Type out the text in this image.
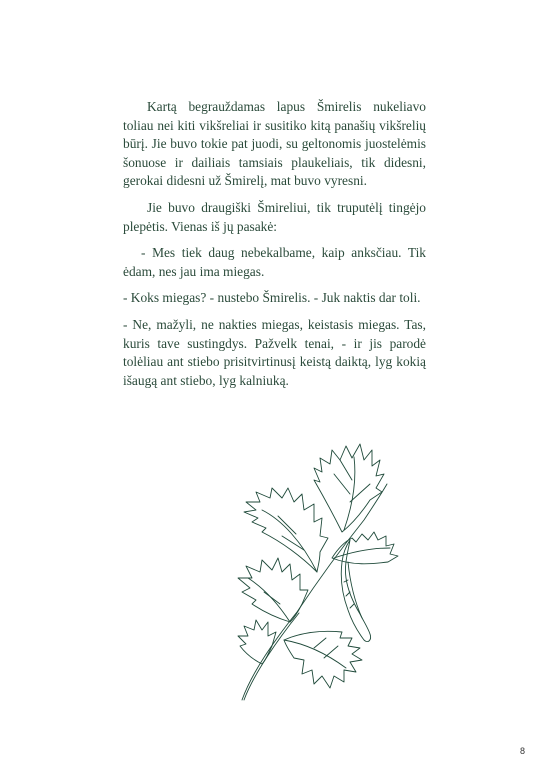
Kartą begrauždamas lapus Šmirelis nukeliavo toliau nei kiti vikšreliai ir susitiko kitą panašių vikšrelių būrį. Jie buvo tokie pat juodi, su geltonomis juostelėmis šonuose ir dailiais tamsiais plaukeliais, tik didesni, gerokai didesni už Šmirelį, mat buvo vyresni.

Jie buvo draugiški Šmireliui, tik truputėlį tingėjo plepėtis. Vienas iš jų pasakė:

- Mes tiek daug nebekalbame, kaip anksčiau. Tik ėdam, nes jau ima miegas.

- Koks miegas? - nustebo Šmirelis. - Juk naktis dar toli.

- Ne, mažyli, ne nakties miegas, keistasis miegas. Tas, kuris tave sustingdys. Pažvelk tenai, - ir jis parodė tolėliau ant stiebo prisitvirtinusį keistą daiktą, lyg kokią išaugą ant stiebo, lyg kalniuką.

8
